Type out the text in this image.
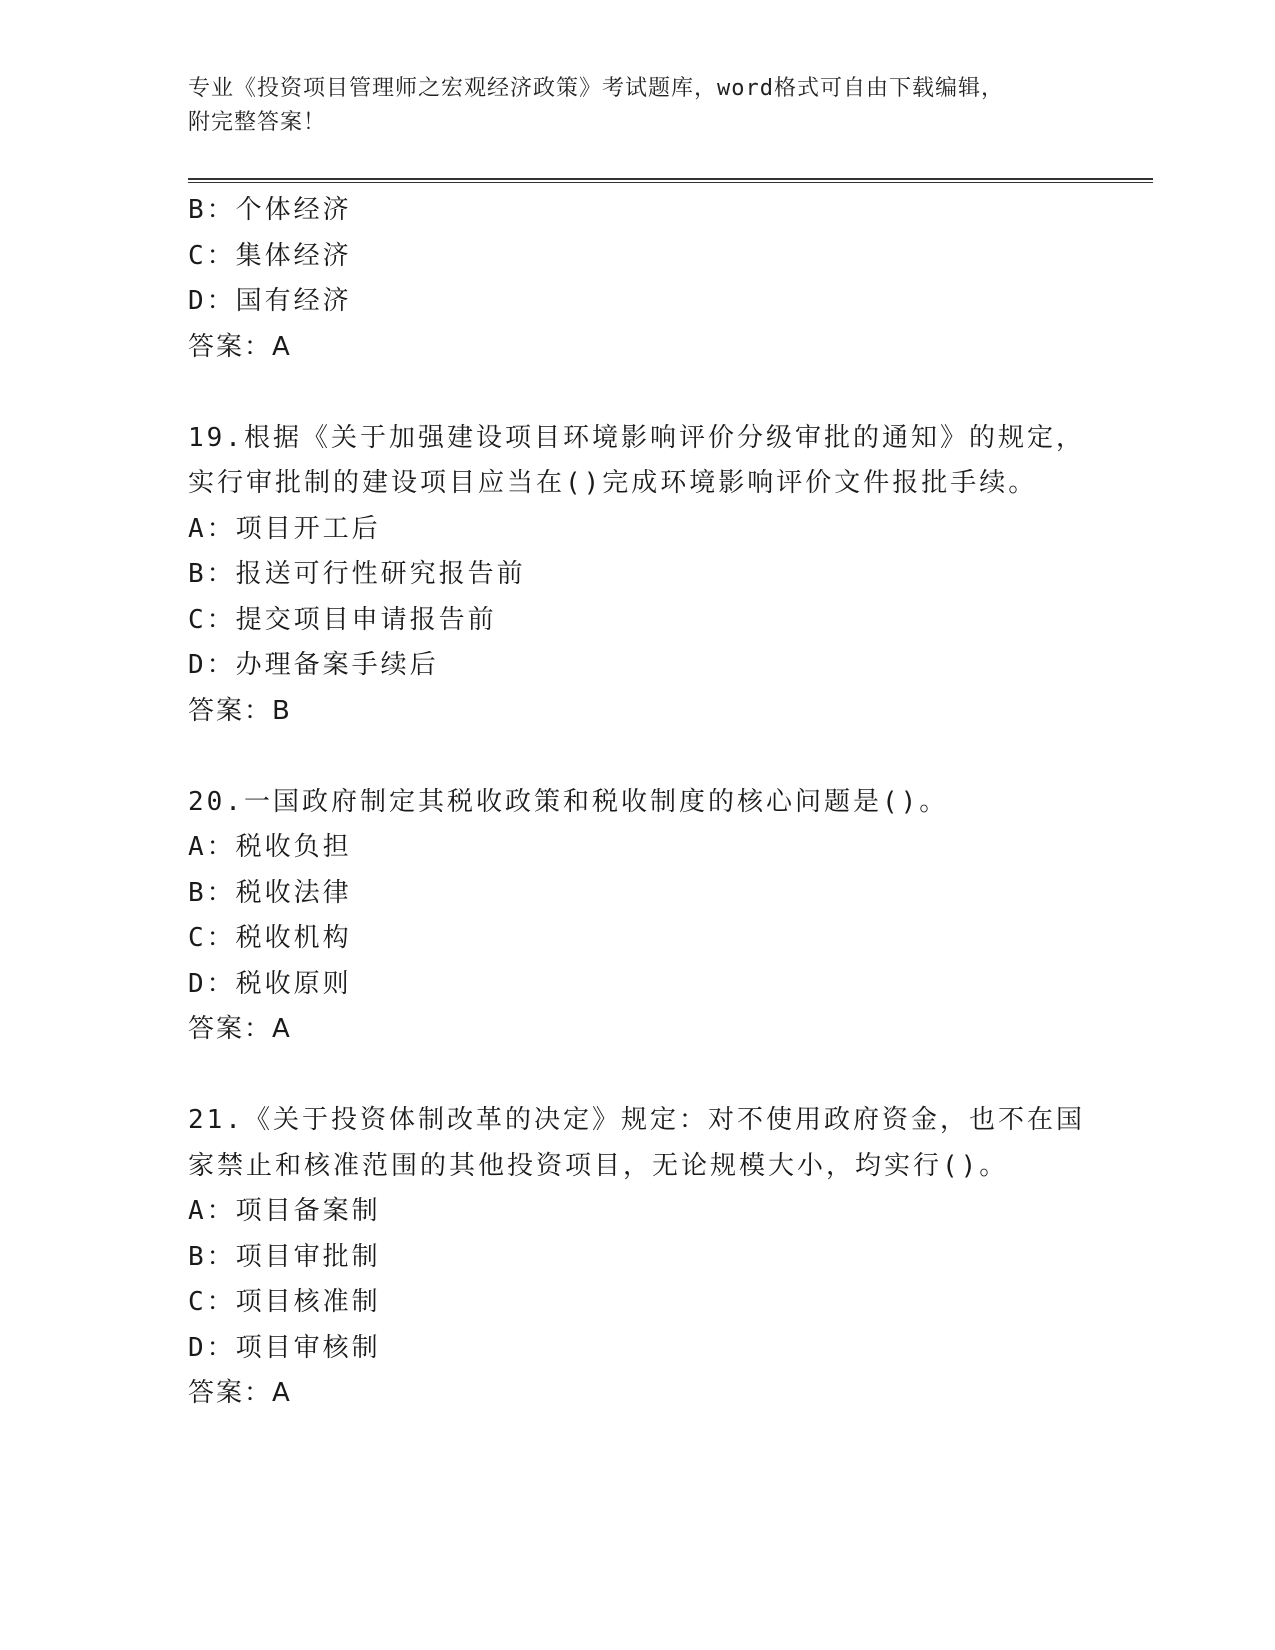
专业《投资项目管理师之宏观经济政策》考试题库，word格式可自由下载编辑，
附完整答案！
B：个体经济
C：集体经济
D：国有经济
答案：A
19.根据《关于加强建设项目环境影响评价分级审批的通知》的规定，
实行审批制的建设项目应当在()完成环境影响评价文件报批手续。
A：项目开工后
B：报送可行性研究报告前
C：提交项目申请报告前
D：办理备案手续后
答案：B
20.一国政府制定其税收政策和税收制度的核心问题是()。
A：税收负担
B：税收法律
C：税收机构
D：税收原则
答案：A
21.《关于投资体制改革的决定》规定：对不使用政府资金，也不在国
家禁止和核准范围的其他投资项目，无论规模大小，均实行()。
A：项目备案制
B：项目审批制
C：项目核准制
D：项目审核制
答案：A
